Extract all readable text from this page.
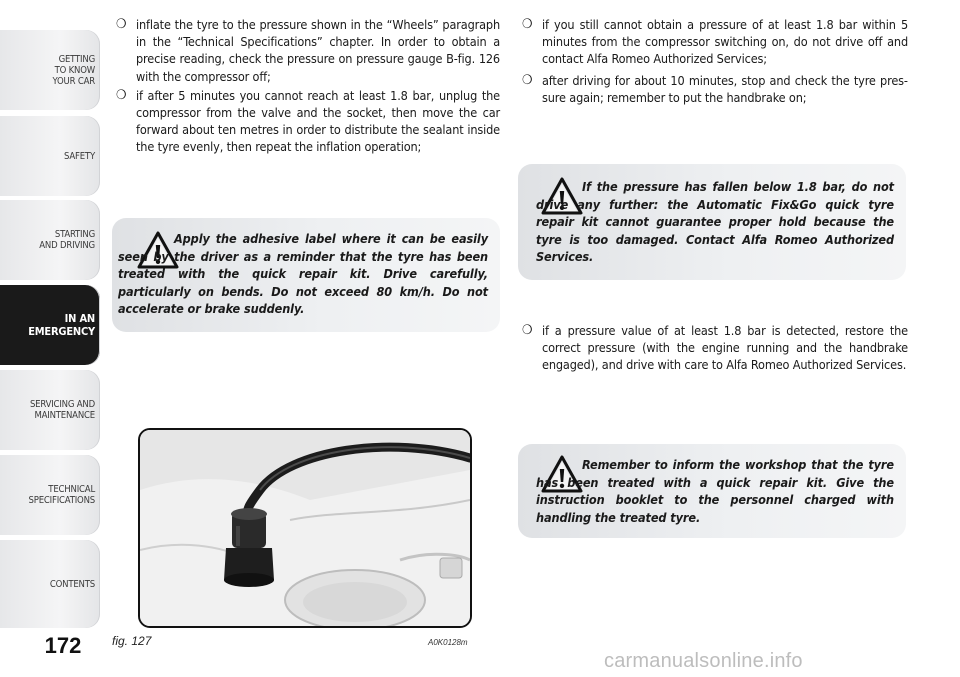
GETTING
TO KNOW
YOUR CAR
SAFETY
STARTING
AND DRIVING
IN AN
EMERGENCY
SERVICING AND
MAINTENANCE
TECHNICAL
SPECIFICATIONS
CONTENTS
172
❍ inflate the tyre to the pressure shown in the “Wheels” paragraph in the “Technical Specifications” chapter. In order to obtain a precise reading, check the pressure on pressure gauge B-fig. 126 with the compressor off;
❍ if after 5 minutes you cannot reach at least 1.8 bar, unplug the compressor from the valve and the socket, then move the car forward about ten metres in order to distribute the sealant inside the tyre evenly, then repeat the inflation operation;
Apply the adhesive label where it can be easily seen by the driver as a reminder that the tyre has been treated with the quick repair kit. Drive carefully, particularly on bends. Do not exceed 80 km/h. Do not accelerate or brake suddenly.
fig. 127	A0K0128m
❍ if you still cannot obtain a pressure of at least 1.8 bar within 5 minutes from the compressor switching on, do not drive off and contact Alfa Romeo Authorized Services;
❍ after driving for about 10 minutes, stop and check the tyre pressure again; remember to put the handbrake on;
If the pressure has fallen below 1.8 bar, do not drive any further: the Automatic Fix&Go quick tyre repair kit cannot guarantee proper hold because the tyre is too damaged. Contact Alfa Romeo Authorized Services.
❍ if a pressure value of at least 1.8 bar is detected, restore the correct pressure (with the engine running and the handbrake engaged), and drive with care to Alfa Romeo Authorized Services.
Remember to inform the workshop that the tyre has been treated with a quick repair kit. Give the instruction booklet to the personnel charged with handling the treated tyre.
carmanualsonline.info
